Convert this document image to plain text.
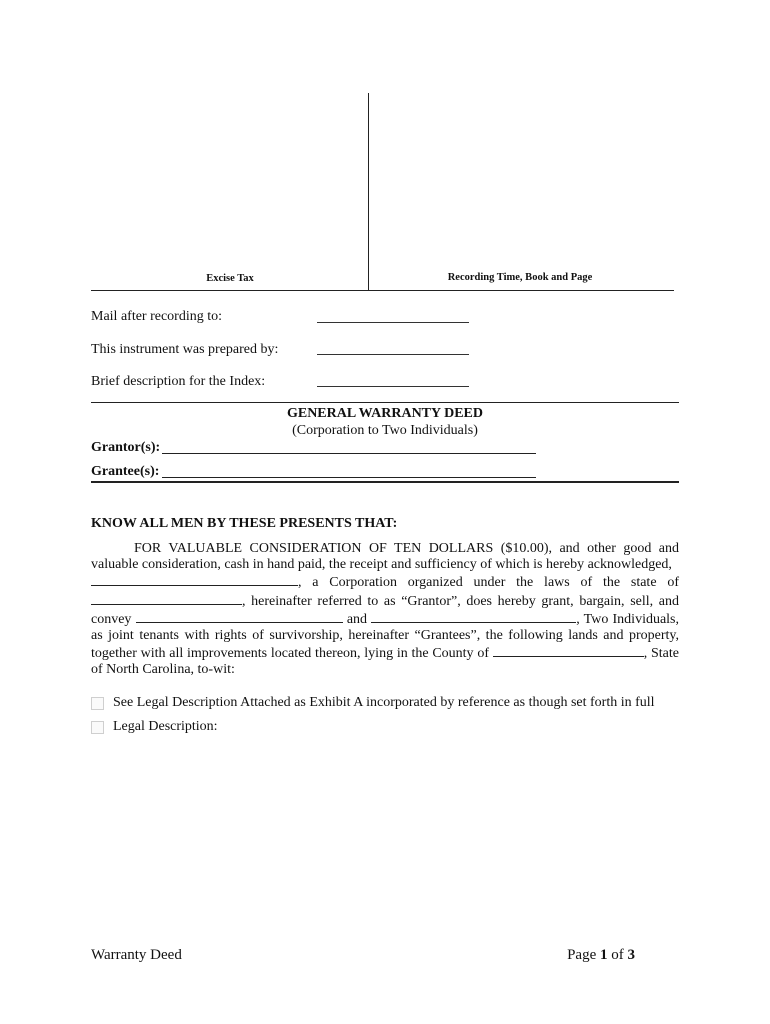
Excise Tax	Recording Time, Book and Page
Mail after recording to:
This instrument was prepared by:
Brief description for the Index:
GENERAL WARRANTY DEED
(Corporation to Two Individuals)
Grantor(s):
Grantee(s):
KNOW ALL MEN BY THESE PRESENTS THAT:

FOR VALUABLE CONSIDERATION OF TEN DOLLARS ($10.00), and other good and valuable consideration, cash in hand paid, the receipt and sufficiency of which is hereby acknowledged,

, a Corporation organized under the laws of the state of
, hereinafter referred to as “Grantor”, does hereby grant, bargain, sell, and
convey	and	, Two Individuals,
as joint tenants with rights of survivorship, hereinafter “Grantees”, the following lands and property,
together with all improvements located thereon, lying in the County of	, State
of North Carolina, to-wit:
See Legal Description Attached as Exhibit A incorporated by reference as though set forth in full
Legal Description:
Warranty Deed	Page 1 of 3
